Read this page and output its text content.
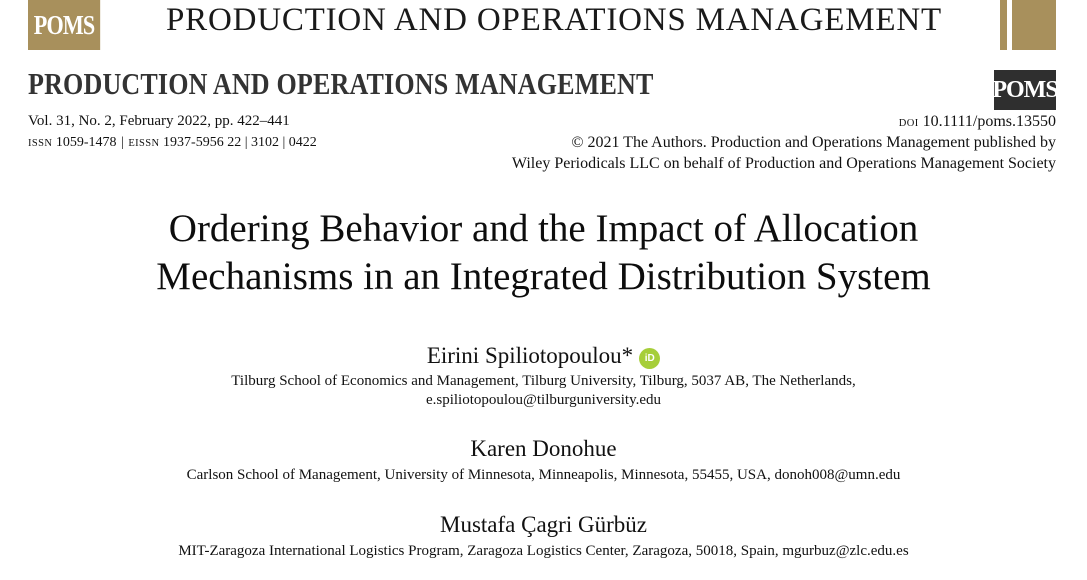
POMS PRODUCTION AND OPERATIONS MANAGEMENT
PRODUCTION AND OPERATIONS MANAGEMENT	POMS
Vol. 31, No. 2, February 2022, pp. 422–441
ISSN 1059-1478 | EISSN 1937-5956 22 | 3102 | 0422
DOI 10.1111/poms.13550
© 2021 The Authors. Production and Operations Management published by
Wiley Periodicals LLC on behalf of Production and Operations Management Society
Ordering Behavior and the Impact of Allocation
Mechanisms in an Integrated Distribution System
Eirini Spiliotopoulou* iD
Tilburg School of Economics and Management, Tilburg University, Tilburg, 5037 AB, The Netherlands,
e.spiliotopoulou@tilburguniversity.edu
Karen Donohue
Carlson School of Management, University of Minnesota, Minneapolis, Minnesota, 55455, USA, donoh008@umn.edu
Mustafa Çagri Gürbüz
MIT-Zaragoza International Logistics Program, Zaragoza Logistics Center, Zaragoza, 50018, Spain, mgurbuz@zlc.edu.es
